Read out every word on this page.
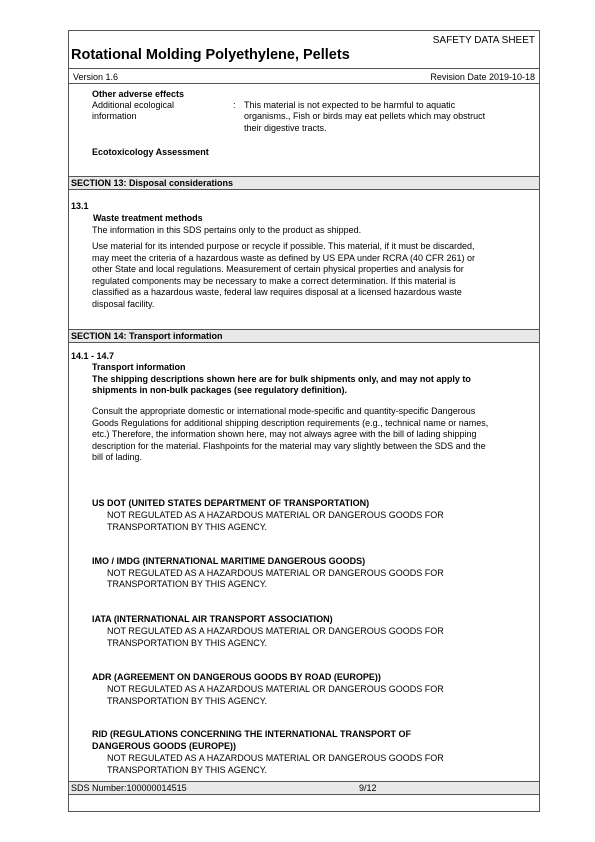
SAFETY DATA SHEET
Rotational Molding Polyethylene, Pellets
Version 1.6	Revision Date 2019-10-18
Other adverse effects
Additional ecological
information
: This material is not expected to be harmful to aquatic
organisms., Fish or birds may eat pellets which may obstruct
their digestive tracts.
Ecotoxicology Assessment
SECTION 13: Disposal considerations
13.1
Waste treatment methods
The information in this SDS pertains only to the product as shipped.
Use material for its intended purpose or recycle if possible. This material, if it must be discarded,
may meet the criteria of a hazardous waste as defined by US EPA under RCRA (40 CFR 261) or
other State and local regulations. Measurement of certain physical properties and analysis for
regulated components may be necessary to make a correct determination. If this material is
classified as a hazardous waste, federal law requires disposal at a licensed hazardous waste
disposal facility.
SECTION 14: Transport information
14.1 - 14.7
Transport information
The shipping descriptions shown here are for bulk shipments only, and may not apply to
shipments in non-bulk packages (see regulatory definition).
Consult the appropriate domestic or international mode-specific and quantity-specific Dangerous
Goods Regulations for additional shipping description requirements (e.g., technical name or names,
etc.) Therefore, the information shown here, may not always agree with the bill of lading shipping
description for the material. Flashpoints for the material may vary slightly between the SDS and the
bill of lading.
US DOT (UNITED STATES DEPARTMENT OF TRANSPORTATION)
NOT REGULATED AS A HAZARDOUS MATERIAL OR DANGEROUS GOODS FOR
TRANSPORTATION BY THIS AGENCY.
IMO / IMDG (INTERNATIONAL MARITIME DANGEROUS GOODS)
NOT REGULATED AS A HAZARDOUS MATERIAL OR DANGEROUS GOODS FOR
TRANSPORTATION BY THIS AGENCY.
IATA (INTERNATIONAL AIR TRANSPORT ASSOCIATION)
NOT REGULATED AS A HAZARDOUS MATERIAL OR DANGEROUS GOODS FOR
TRANSPORTATION BY THIS AGENCY.
ADR (AGREEMENT ON DANGEROUS GOODS BY ROAD (EUROPE))
NOT REGULATED AS A HAZARDOUS MATERIAL OR DANGEROUS GOODS FOR
TRANSPORTATION BY THIS AGENCY.
RID (REGULATIONS CONCERNING THE INTERNATIONAL TRANSPORT OF
DANGEROUS GOODS (EUROPE))
NOT REGULATED AS A HAZARDOUS MATERIAL OR DANGEROUS GOODS FOR
TRANSPORTATION BY THIS AGENCY.
SDS Number:100000014515	9/12
